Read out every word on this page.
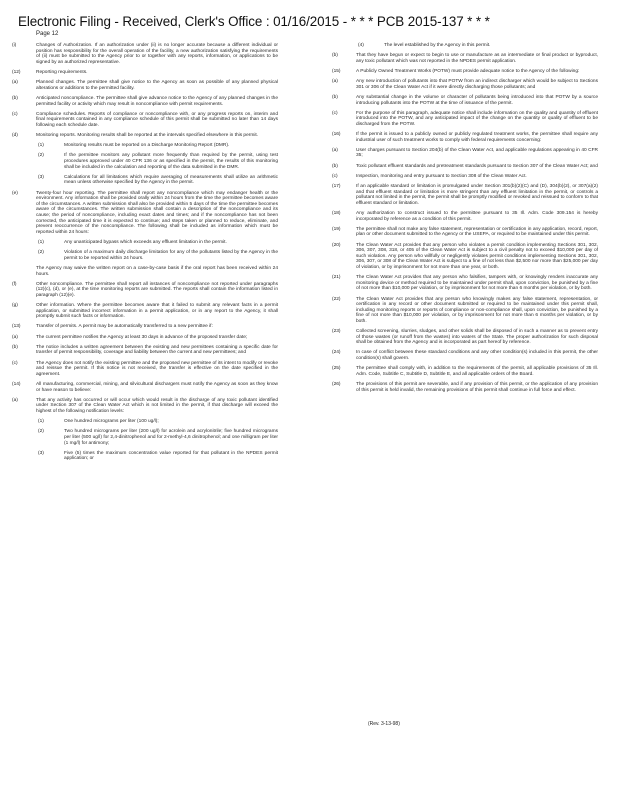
Electronic Filing - Received, Clerk's Office : 01/16/2015 - * * * PCB 2015-137 * * *
Page 12
(i)	Changes of Authorization. If an authorization under (ii) is no longer accurate because a different individual or position has responsibility for the overall operation of the facility, a new authorization satisfying the requirements of (ii) must be submitted to the Agency prior to or together with any reports, information, or applications to be signed by an authorized representative.
(12)	Reporting requirements.
(a)	Planned changes. The permittee shall give notice to the Agency as soon as possible of any planned physical alterations or additions to the permitted facility.
(b)	Anticipated noncompliance. The permittee shall give advance notice to the Agency of any planned changes in the permitted facility or activity which may result in noncompliance with permit requirements.
(c)	Compliance schedules. Reports of compliance or noncompliance with, or any progress reports on, interim and final requirements contained in any compliance schedule of this permit shall be submitted no later than 14 days following each schedule date.
(d)	Monitoring reports. Monitoring results shall be reported at the intervals specified elsewhere in this permit.
(1)	Monitoring results must be reported on a Discharge Monitoring Report (DMR).
(2)	If the permittee monitors any pollutant more frequently than required by the permit, using test procedures approved under 40 CFR 136 or as specified in the permit, the results of this monitoring shall be included in the calculation and reporting of the data submitted in the DMR.
(3)	Calculations for all limitations which require averaging of measurements shall utilize an arithmetic mean unless otherwise specified by the Agency in the permit.
(e)	Twenty-four hour reporting. The permittee shall report any noncompliance which may endanger health or the environment. Any information shall be provided orally within 24 hours from the time the permittee becomes aware of the circumstances. A written submission shall also be provided within 5 days of the time the permittee becomes aware of the circumstances. The written submission shall contain a description of the noncompliance and its cause; the period of noncompliance, including exact dates and times; and if the noncompliance has not been corrected, the anticipated time it is expected to continue; and steps taken or planned to reduce, eliminate, and prevent reoccurrence of the noncompliance. The following shall be included as information which must be reported within 24 hours:
(1)	Any unanticipated bypass which exceeds any effluent limitation in the permit.
(2)	Violation of a maximum daily discharge limitation for any of the pollutants listed by the Agency in the permit to be reported within 24 hours.
The Agency may waive the written report on a case-by-case basis if the oral report has been received within 24 hours.
(f)	Other noncompliance. The permittee shall report all instances of noncompliance not reported under paragraphs (12)(c), (d), or (e), at the time monitoring reports are submitted. The reports shall contain the information listed in paragraph (12)(e).
(g)	Other information. Where the permittee becomes aware that it failed to submit any relevant facts in a permit application, or submitted incorrect information in a permit application, or in any report to the Agency, it shall promptly submit such facts or information.
(13)	Transfer of permits. A permit may be automatically transferred to a new permittee if:
(a)	The current permittee notifies the Agency at least 30 days in advance of the proposed transfer date;
(b)	The notice includes a written agreement between the existing and new permittees containing a specific date for transfer of permit responsibility, coverage and liability between the current and new permittees; and
(c)	The Agency does not notify the existing permittee and the proposed new permittee of its intent to modify or revoke and reissue the permit. If this notice is not received, the transfer is effective on the date specified in the agreement.
(14)	All manufacturing, commercial, mining, and silvicultural dischargers must notify the Agency as soon as they know or have reason to believe:
(a)	That any activity has occurred or will occur which would result in the discharge of any toxic pollutant identified under Section 307 of the Clean Water Act which is not limited in the permit, if that discharge will exceed the highest of the following notification levels:
(1)	One hundred micrograms per liter (100 ug/l);
(2)	Two hundred micrograms per liter (200 ug/l) for acrolein and acrylonitrile; five hundred micrograms per liter (500 ug/l) for 2,4-dinitrophenol and for 2-methyl-4,6 dinitrophenol; and one milligram per liter (1 mg/l) for antimony;
(3)	Five (5) times the maximum concentration value reported for that pollutant in the NPDES permit application; or
(4)	The level established by the Agency in this permit.
(b)	That they have begun or expect to begin to use or manufacture as an intermediate or final product or byproduct, any toxic pollutant which was not reported in the NPDES permit application.
(15)	A Publicly Owned Treatment Works (POTW) must provide adequate notice to the Agency of the following:
(a)	Any new introduction of pollutants into that POTW from an indirect discharger which would be subject to Sections 301 or 306 of the Clean Water Act if it were directly discharging those pollutants; and
(b)	Any substantial change in the volume or character of pollutants being introduced into that POTW by a source introducing pollutants into the POTW at the time of issuance of the permit.
(c)	For the purpose of this paragraph, adequate notice shall include information on the quality and quantity of effluent introduced into the POTW, and any anticipated impact of the change on the quantity or quality of effluent to be discharged from the POTW.
(16)	If the permit is issued to a publicly owned or publicly regulated treatment works, the permittee shall require any industrial user of such treatment works to comply with federal requirements concerning:
(a)	User charges pursuant to Section 204(b) of the Clean Water Act, and applicable regulations appearing in 40 CFR 35;
(b)	Toxic pollutant effluent standards and pretreatment standards pursuant to Section 307 of the Clean Water Act; and
(c)	Inspection, monitoring and entry pursuant to Section 308 of the Clean Water Act.
(17)	If an applicable standard or limitation is promulgated under Section 301(b)(2)(C) and (D), 304(b)(2), or 307(a)(2) and that effluent standard or limitation is more stringent than any effluent limitation in the permit, or controls a pollutant not limited in the permit, the permit shall be promptly modified or revoked and reissued to conform to that effluent standard or limitation.
(18)	Any authorization to construct issued to the permittee pursuant to 35 Ill. Adm. Code 309.154 is hereby incorporated by reference as a condition of this permit.
(19)	The permittee shall not make any false statement, representation or certification in any application, record, report, plan or other document submitted to the Agency or the USEPA, or required to be maintained under this permit.
(20)	The Clean Water Act provides that any person who violates a permit condition implementing Sections 301, 302, 306, 307, 308, 318, or 405 of the Clean Water Act is subject to a civil penalty not to exceed $10,000 per day of such violation. Any person who willfully or negligently violates permit conditions implementing Sections 301, 302, 306, 307, or 308 of the Clean Water Act is subject to a fine of not less than $2,500 nor more than $25,000 per day of violation, or by imprisonment for not more than one year, or both.
(21)	The Clean Water Act provides that any person who falsifies, tampers with, or knowingly renders inaccurate any monitoring device or method required to be maintained under permit shall, upon conviction, be punished by a fine of not more than $10,000 per violation, or by imprisonment for not more than 6 months per violation, or by both.
(22)	The Clean Water Act provides that any person who knowingly makes any false statement, representation, or certification in any record or other document submitted or required to be maintained under this permit shall, including monitoring reports or reports of compliance or non-compliance shall, upon conviction, be punished by a fine of not more than $10,000 per violation, or by imprisonment for not more than 6 months per violation, or by both.
(23)	Collected screening, slurries, sludges, and other solids shall be disposed of in such a manner as to prevent entry of those wastes (or runoff from the wastes) into waters of the State. The proper authorization for such disposal shall be obtained from the Agency and is incorporated as part hereof by reference.
(24)	In case of conflict between these standard conditions and any other condition(s) included in this permit, the other condition(s) shall govern.
(25)	The permittee shall comply with, in addition to the requirements of the permit, all applicable provisions of 35 Ill. Adm. Code, Subtitle C, Subtitle D, Subtitle E, and all applicable orders of the Board.
(26)	The provisions of this permit are severable, and if any provision of this permit, or the application of any provision of this permit is held invalid, the remaining provisions of this permit shall continue in full force and effect.
(Rev. 3-13-98)
